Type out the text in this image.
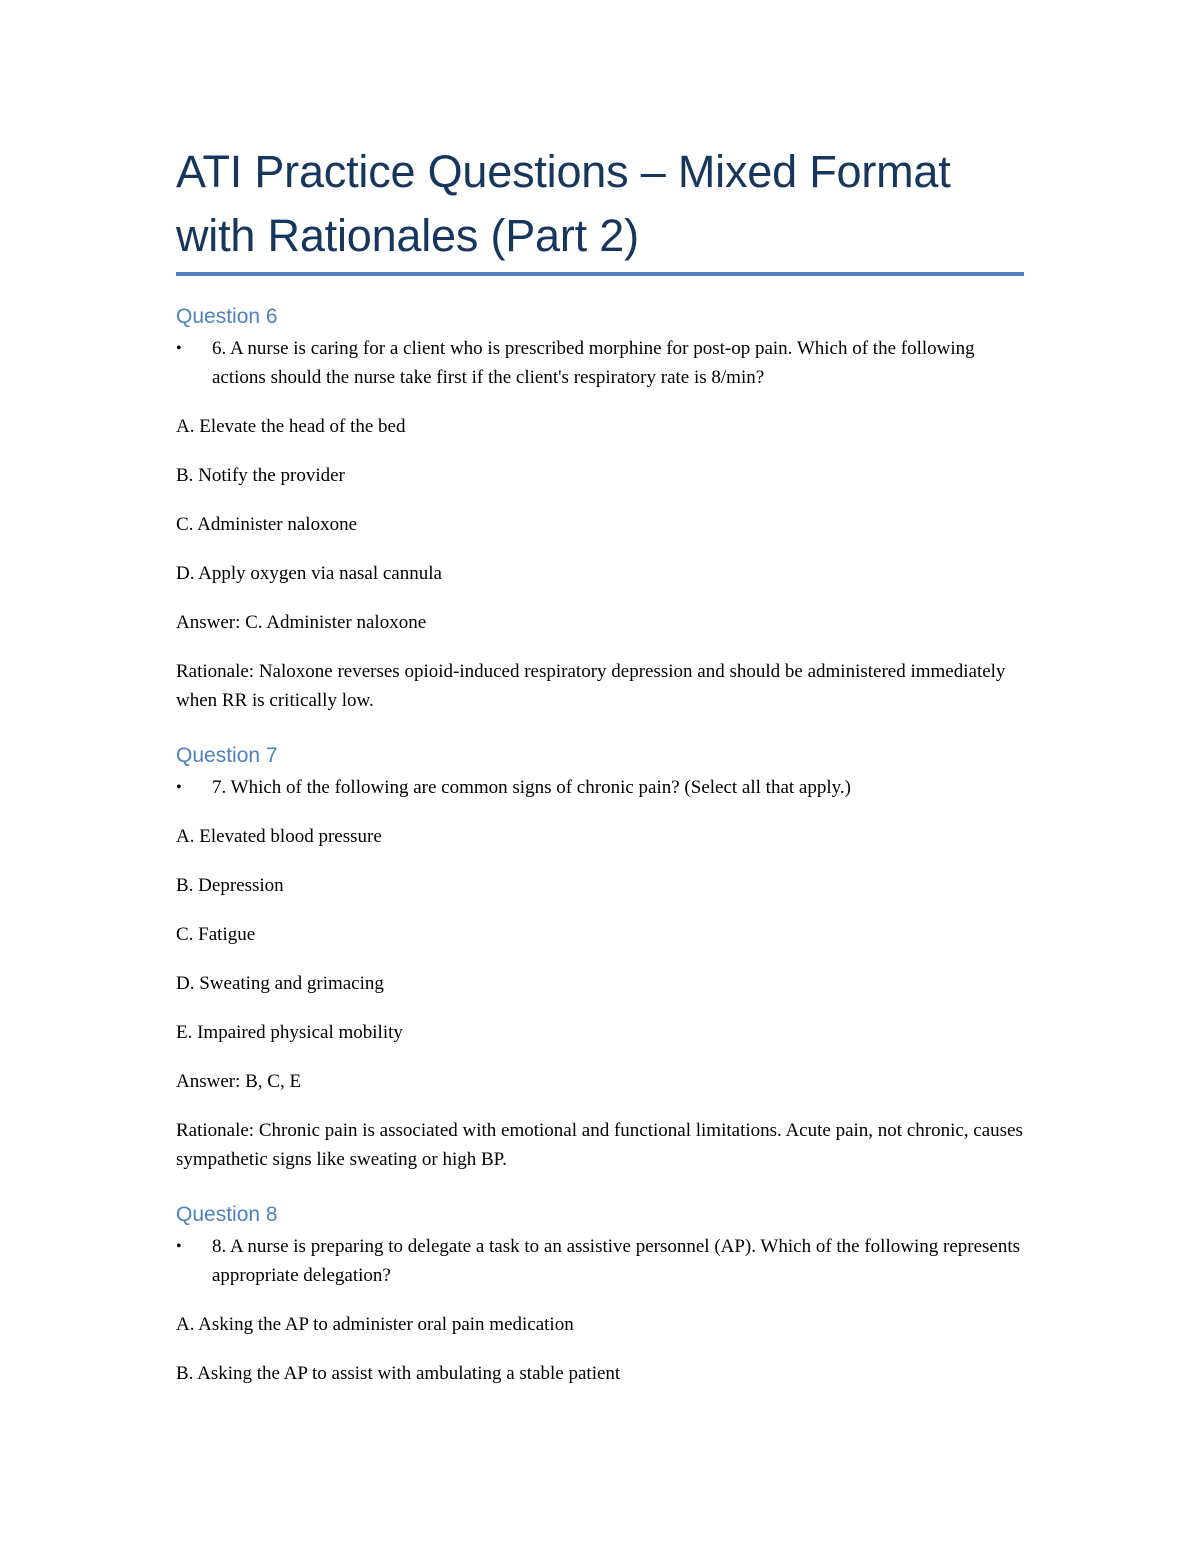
ATI Practice Questions – Mixed Format
with Rationales (Part 2)
Question 6
•	6. A nurse is caring for a client who is prescribed morphine for post-op pain. Which of the following actions should the nurse take first if the client's respiratory rate is 8/min?

A. Elevate the head of the bed

B. Notify the provider

C. Administer naloxone

D. Apply oxygen via nasal cannula

Answer: C. Administer naloxone

Rationale: Naloxone reverses opioid-induced respiratory depression and should be administered immediately when RR is critically low.

Question 7
•	7. Which of the following are common signs of chronic pain? (Select all that apply.)

A. Elevated blood pressure

B. Depression

C. Fatigue

D. Sweating and grimacing

E. Impaired physical mobility

Answer: B, C, E

Rationale: Chronic pain is associated with emotional and functional limitations. Acute pain, not chronic, causes sympathetic signs like sweating or high BP.

Question 8
•	8. A nurse is preparing to delegate a task to an assistive personnel (AP). Which of the following represents appropriate delegation?

A. Asking the AP to administer oral pain medication

B. Asking the AP to assist with ambulating a stable patient
